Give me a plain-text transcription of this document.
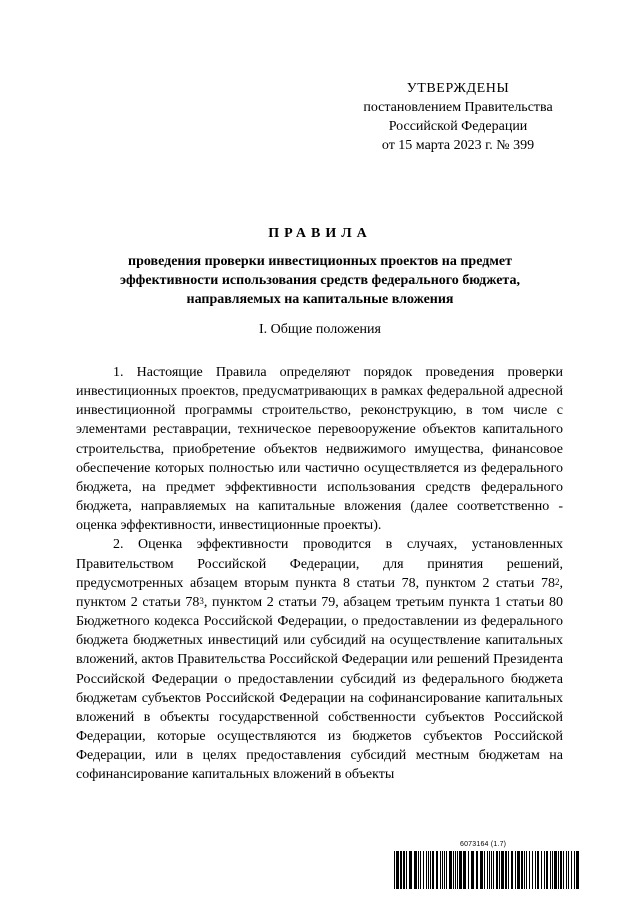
УТВЕРЖДЕНЫ
постановлением Правительства
Российской Федерации
от 15 марта 2023 г. № 399
ПРАВИЛА
проведения проверки инвестиционных проектов на предмет
эффективности использования средств федерального бюджета,
направляемых на капитальные вложения
I. Общие положения

1. Настоящие Правила определяют порядок проведения проверки инвестиционных проектов, предусматривающих в рамках федеральной адресной инвестиционной программы строительство, реконструкцию, в том числе с элементами реставрации, техническое перевооружение объектов капитального строительства, приобретение объектов недвижимого имущества, финансовое обеспечение которых полностью или частично осуществляется из федерального бюджета, на предмет эффективности использования средств федерального бюджета, направляемых на капитальные вложения (далее соответственно - оценка эффективности, инвестиционные проекты).

2. Оценка эффективности проводится в случаях, установленных Правительством Российской Федерации, для принятия решений, предусмотренных абзацем вторым пункта 8 статьи 78, пунктом 2 статьи $78^2$, пунктом 2 статьи $78^3$, пунктом 2 статьи 79, абзацем третьим пункта 1 статьи 80 Бюджетного кодекса Российской Федерации, о предоставлении из федерального бюджета бюджетных инвестиций или субсидий на осуществление капитальных вложений, актов Правительства Российской Федерации или решений Президента Российской Федерации о предоставлении субсидий из федерального бюджета бюджетам субъектов Российской Федерации на софинансирование капитальных вложений в объекты государственной собственности субъектов Российской Федерации, которые осуществляются из бюджетов субъектов Российской Федерации, или в целях предоставления субсидий местным бюджетам на софинансирование капитальных вложений в объекты

6073164 (1.7)
